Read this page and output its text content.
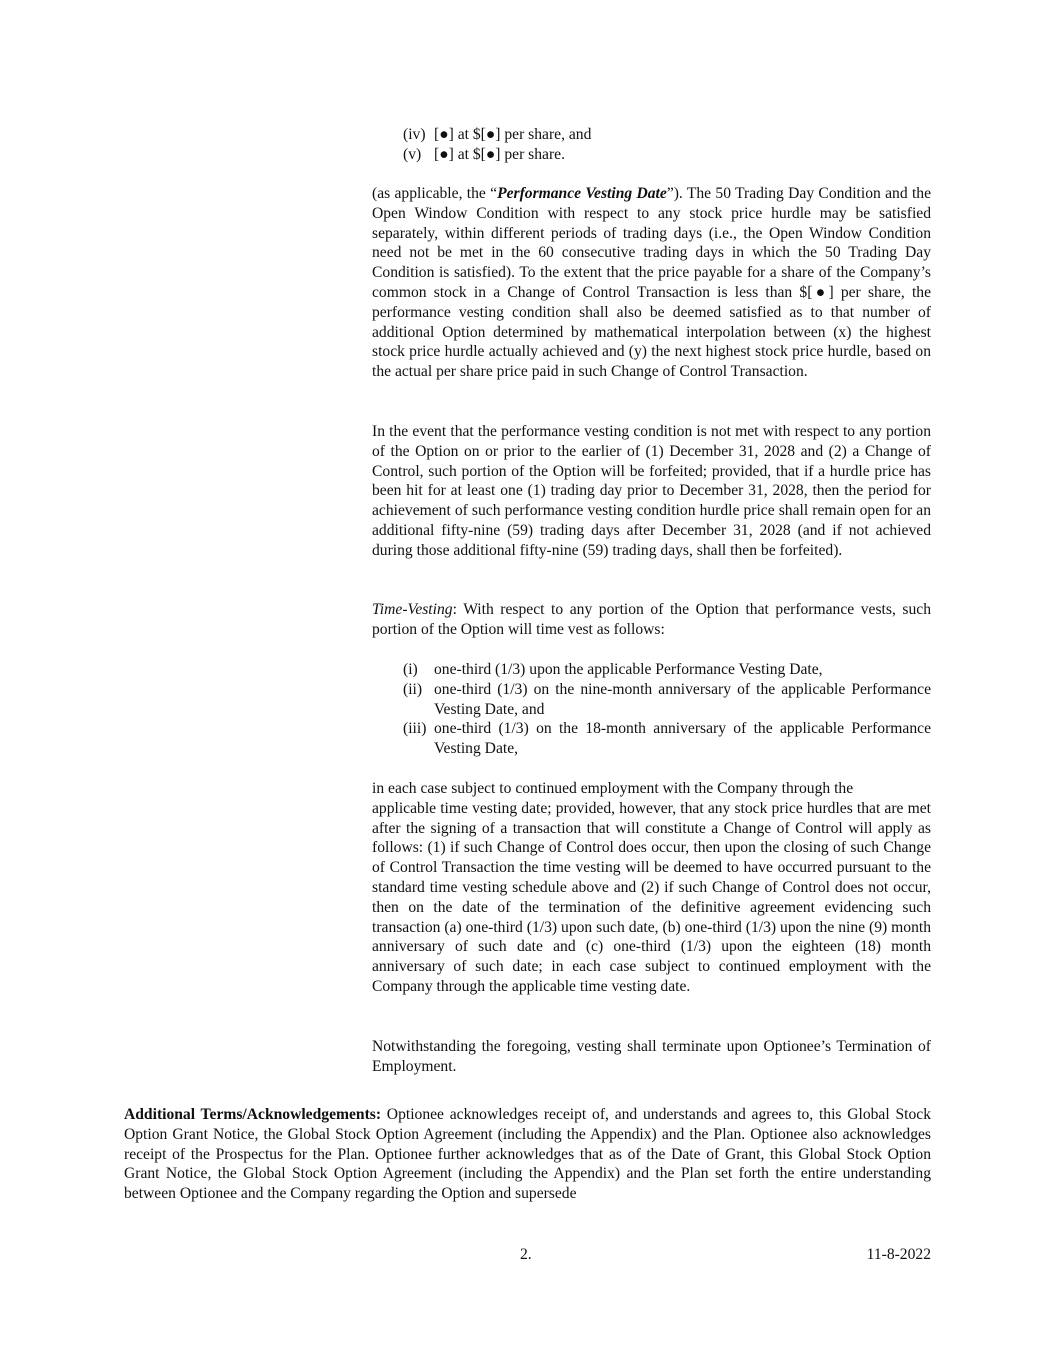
(iv) [●] at $[●] per share, and
(v) [●] at $[●] per share.
(as applicable, the “Performance Vesting Date”). The 50 Trading Day Condition and the Open Window Condition with respect to any stock price hurdle may be satisfied separately, within different periods of trading days (i.e., the Open Window Condition need not be met in the 60 consecutive trading days in which the 50 Trading Day Condition is satisfied). To the extent that the price payable for a share of the Company’s common stock in a Change of Control Transaction is less than $[●] per share, the performance vesting condition shall also be deemed satisfied as to that number of additional Option determined by mathematical interpolation between (x) the highest stock price hurdle actually achieved and (y) the next highest stock price hurdle, based on the actual per share price paid in such Change of Control Transaction.
In the event that the performance vesting condition is not met with respect to any portion of the Option on or prior to the earlier of (1) December 31, 2028 and (2) a Change of Control, such portion of the Option will be forfeited; provided, that if a hurdle price has been hit for at least one (1) trading day prior to December 31, 2028, then the period for achievement of such performance vesting condition hurdle price shall remain open for an additional fifty-nine (59) trading days after December 31, 2028 (and if not achieved during those additional fifty-nine (59) trading days, shall then be forfeited).
Time-Vesting: With respect to any portion of the Option that performance vests, such portion of the Option will time vest as follows:
(i)	one-third (1/3) upon the applicable Performance Vesting Date,
(ii) one-third (1/3) on the nine-month anniversary of the applicable Performance Vesting Date, and
(iii) one-third (1/3) on the 18-month anniversary of the applicable Performance Vesting Date,
in each case subject to continued employment with the Company through the
applicable time vesting date; provided, however, that any stock price hurdles that are met after the signing of a transaction that will constitute a Change of Control will apply as follows: (1) if such Change of Control does occur, then upon the closing of such Change of Control Transaction the time vesting will be deemed to have occurred pursuant to the standard time vesting schedule above and (2) if such Change of Control does not occur, then on the date of the termination of the definitive agreement evidencing such transaction (a) one-third (1/3) upon such date, (b) one-third (1/3) upon the nine (9) month anniversary of such date and (c) one-third (1/3) upon the eighteen (18) month anniversary of such date; in each case subject to continued employment with the Company through the applicable time vesting date.
Notwithstanding the foregoing, vesting shall terminate upon Optionee’s Termination of Employment.
Additional Terms/Acknowledgements: Optionee acknowledges receipt of, and understands and agrees to, this Global Stock Option Grant Notice, the Global Stock Option Agreement (including the Appendix) and the Plan. Optionee also acknowledges receipt of the Prospectus for the Plan. Optionee further acknowledges that as of the Date of Grant, this Global Stock Option Grant Notice, the Global Stock Option Agreement (including the Appendix) and the Plan set forth the entire understanding between Optionee and the Company regarding the Option and supersede
2.	11-8-2022
